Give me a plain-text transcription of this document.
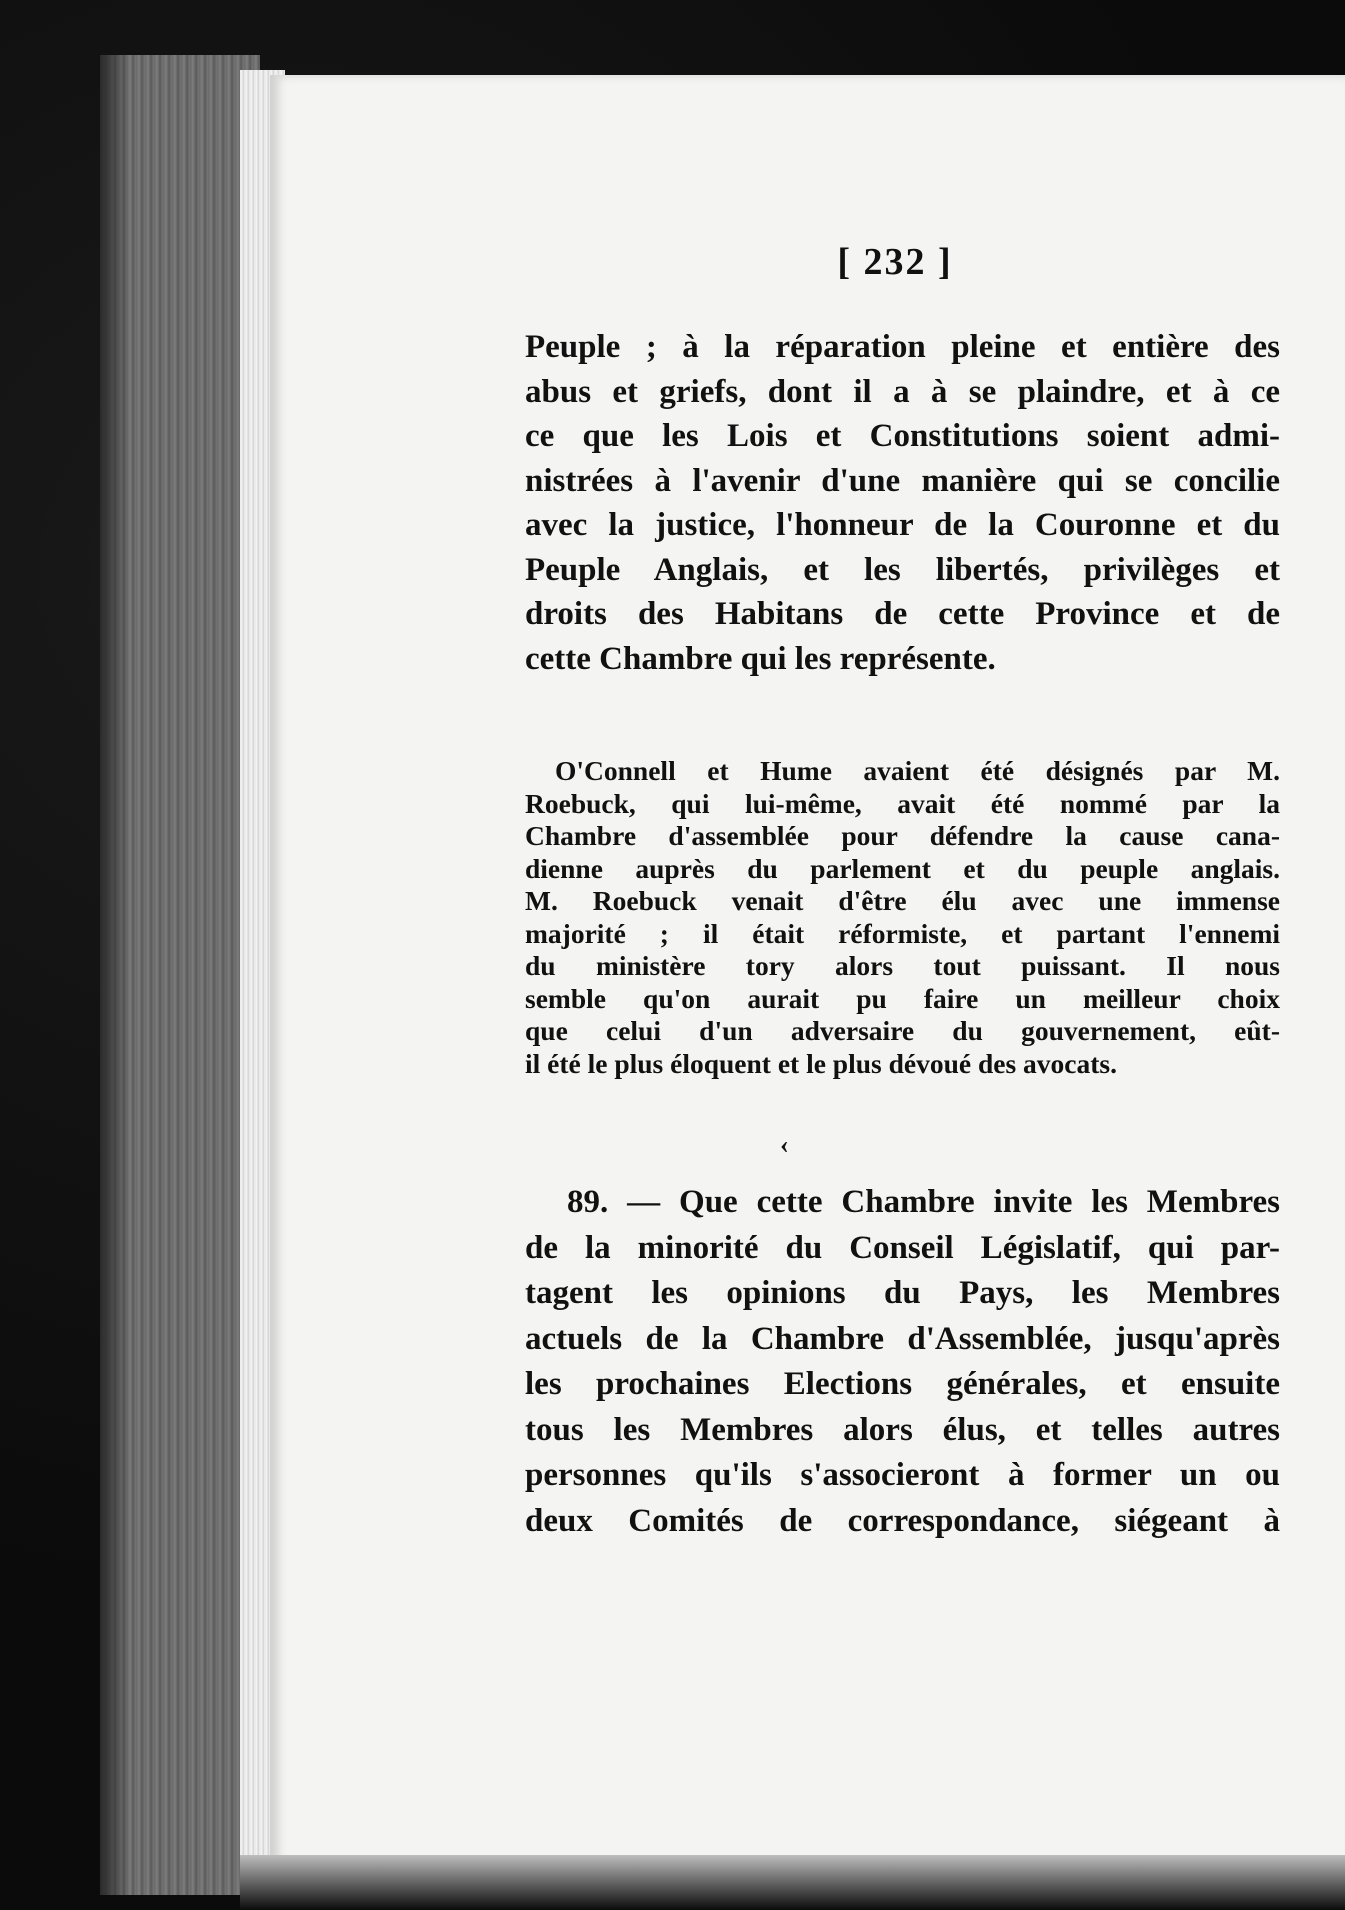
[ 232 ]
Peuple ; à la réparation pleine et entière des
abus et griefs, dont il a à se plaindre, et à ce
ce que les Lois et Constitutions soient admi-
nistrées à l'avenir d'une manière qui se concilie
avec la justice, l'honneur de la Couronne et du
Peuple Anglais, et les libertés, privilèges et
droits des Habitans de cette Province et de
cette Chambre qui les représente.
O'Connell et Hume avaient été désignés par M.
Roebuck, qui lui-même, avait été nommé par la
Chambre d'assemblée pour défendre la cause cana-
dienne auprès du parlement et du peuple anglais.
M. Roebuck venait d'être élu avec une immense
majorité ; il était réformiste, et partant l'ennemi
du ministère tory alors tout puissant. Il nous
semble qu'on aurait pu faire un meilleur choix
que celui d'un adversaire du gouvernement, eût-
il été le plus éloquent et le plus dévoué des avocats.
‹
89. — Que cette Chambre invite les Membres
de la minorité du Conseil Législatif, qui par-
tagent les opinions du Pays, les Membres
actuels de la Chambre d'Assemblée, jusqu'après
les prochaines Elections générales, et ensuite
tous les Membres alors élus, et telles autres
personnes qu'ils s'associeront à former un ou
deux Comités de correspondance, siégeant à
